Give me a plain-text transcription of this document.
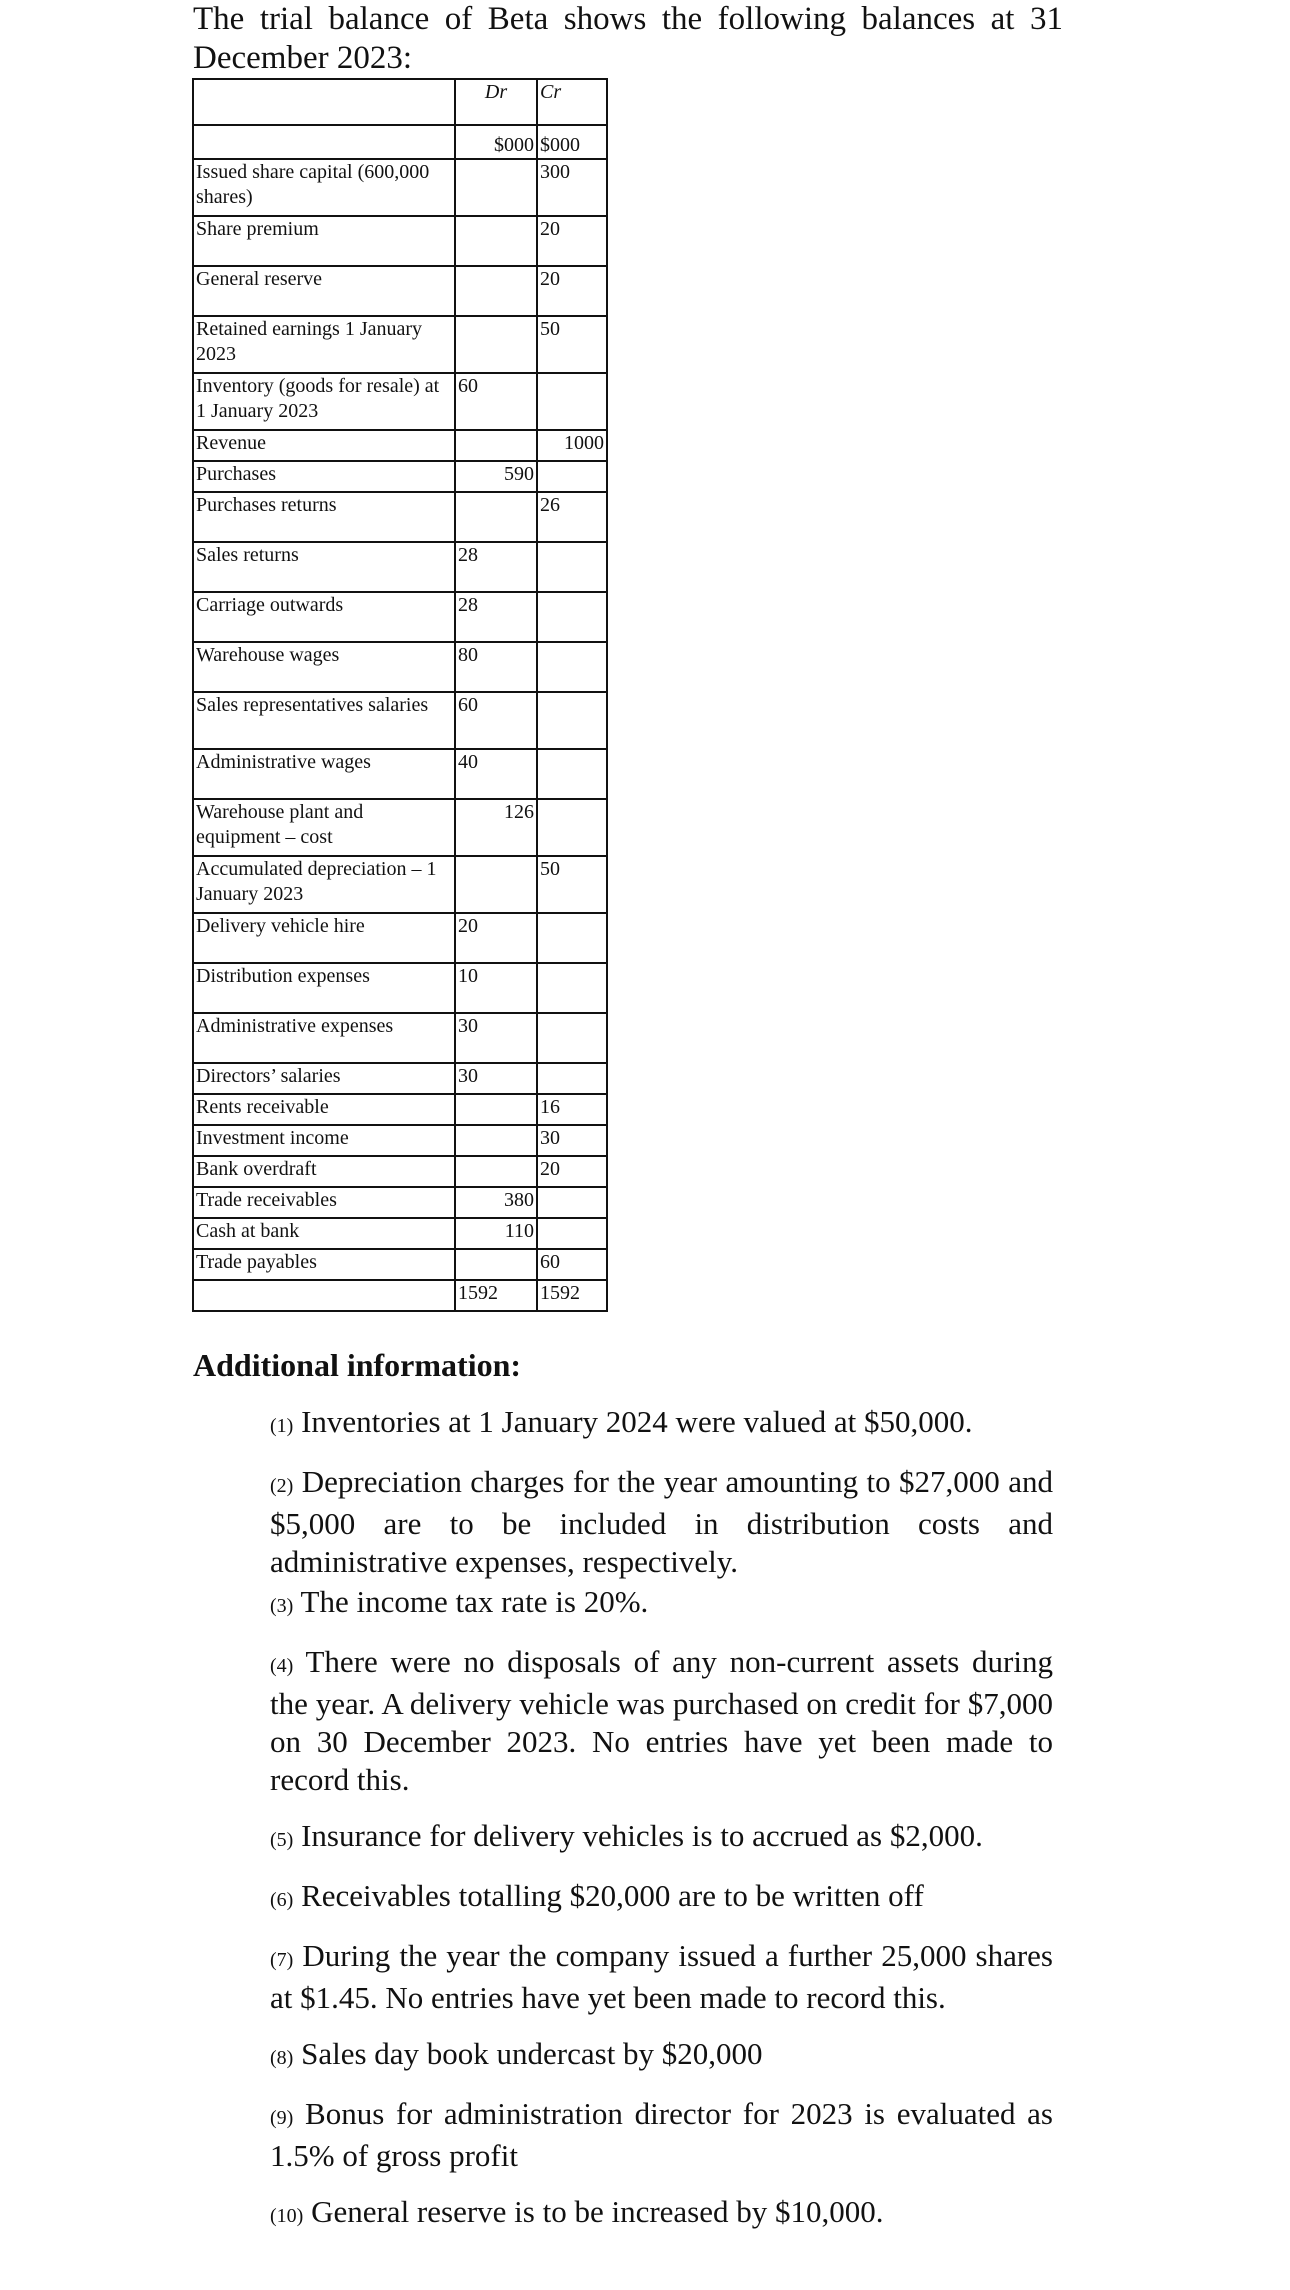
The trial balance of Beta shows the following balances at 31 December 2023:

	Dr	Cr
	$000	$000
Issued share capital (600,000 shares)		300
Share premium		20
General reserve		20
Retained earnings 1 January 2023		50
Inventory (goods for resale) at 1 January 2023	60	
Revenue		1000
Purchases	590	
Purchases returns		26
Sales returns	28	
Carriage outwards	28	
Warehouse wages	80	
Sales representatives salaries	60	
Administrative wages	40	
Warehouse plant and equipment – cost	126	
Accumulated depreciation – 1 January 2023		50
Delivery vehicle hire	20	
Distribution expenses	10	
Administrative expenses	30	
Directors’ salaries	30	
Rents receivable		16
Investment income		30
Bank overdraft		20
Trade receivables	380	
Cash at bank	110	
Trade payables		60
	1592	1592

Additional information:

(1) Inventories at 1 January 2024 were valued at $50,000.
(2) Depreciation charges for the year amounting to $27,000 and $5,000 are to be included in distribution costs and administrative expenses, respectively.
(3) The income tax rate is 20%.
(4) There were no disposals of any non-current assets during the year. A delivery vehicle was purchased on credit for $7,000 on 30 December 2023. No entries have yet been made to record this.
(5) Insurance for delivery vehicles is to accrued as $2,000.
(6) Receivables totalling $20,000 are to be written off
(7) During the year the company issued a further 25,000 shares at $1.45. No entries have yet been made to record this.
(8) Sales day book undercast by $20,000
(9) Bonus for administration director for 2023 is evaluated as 1.5% of gross profit
(10) General reserve is to be increased by $10,000.
